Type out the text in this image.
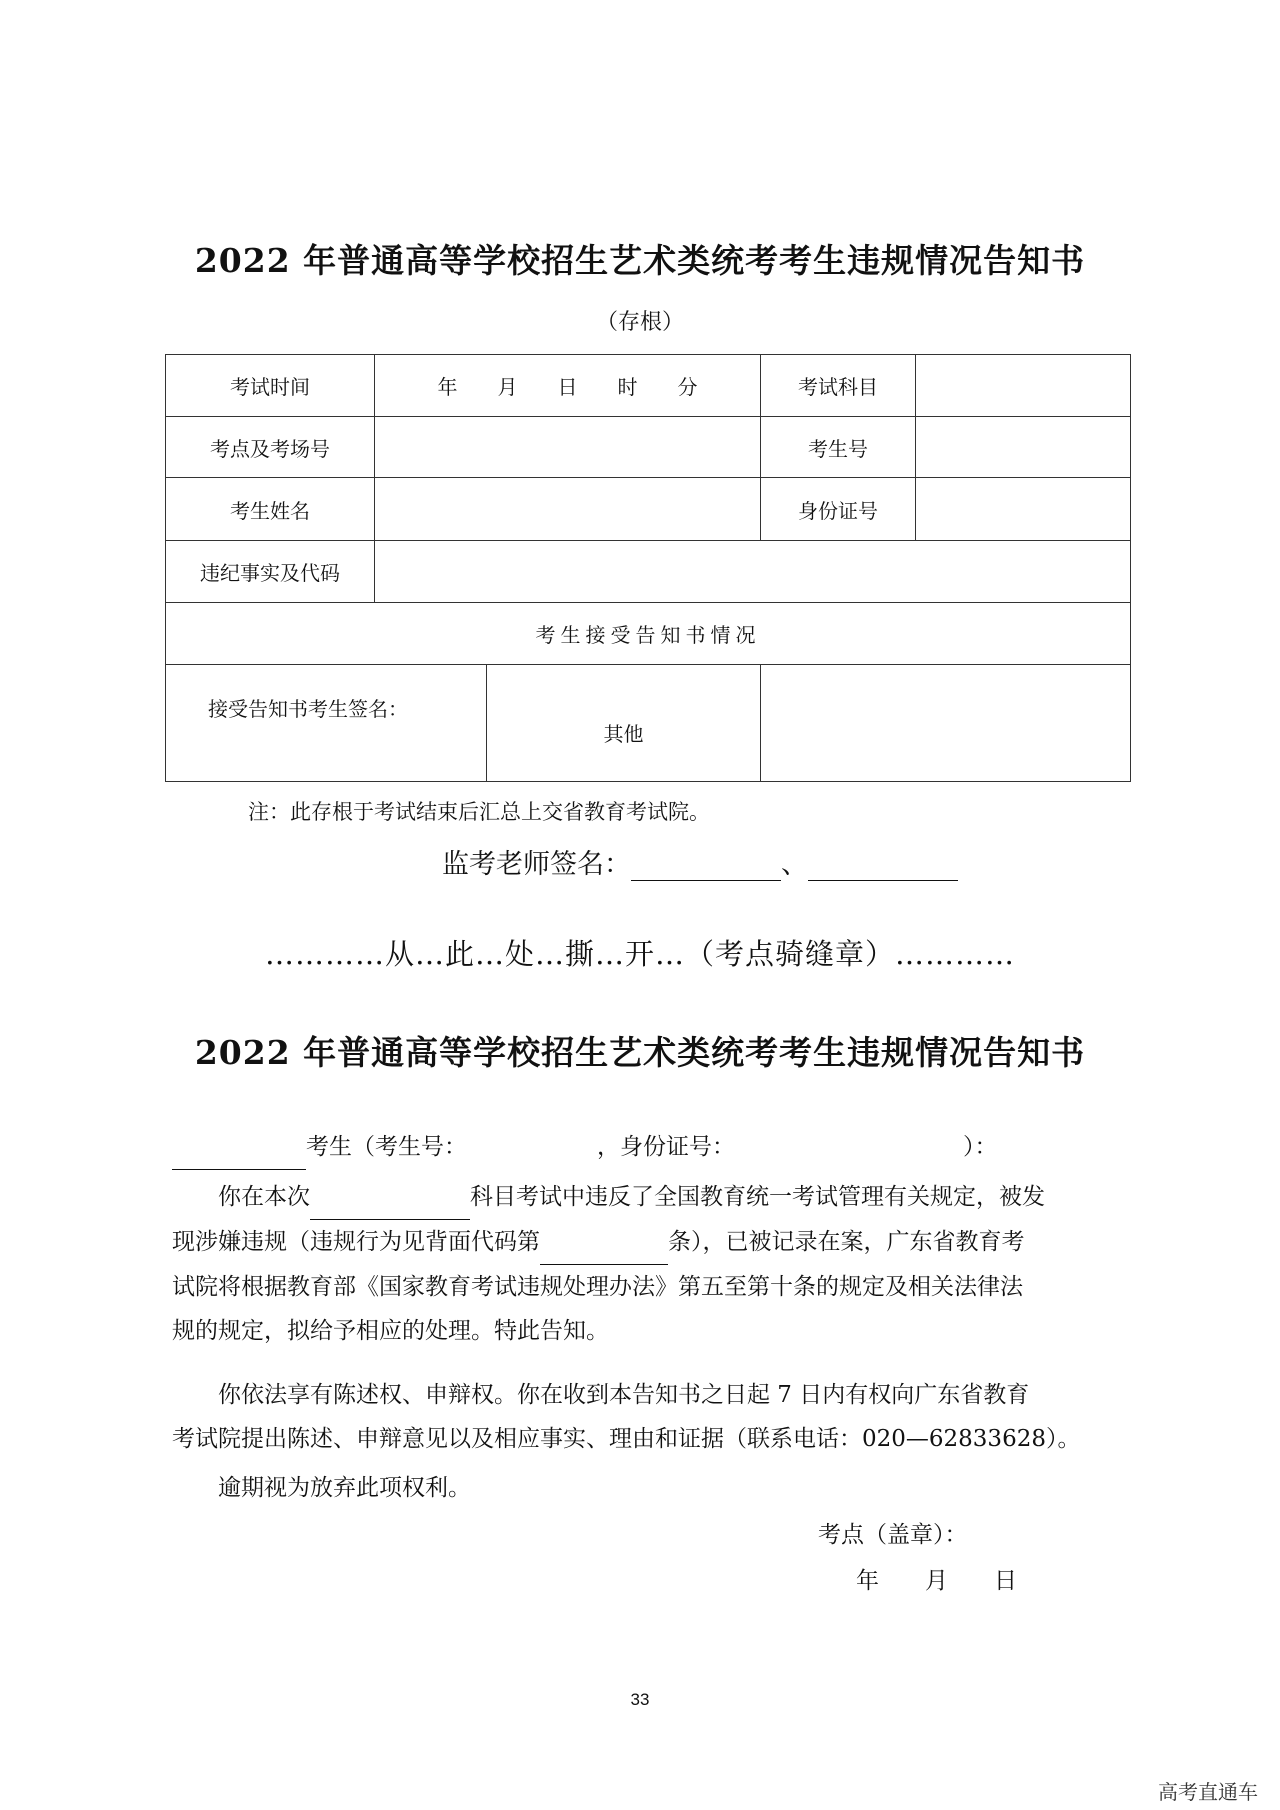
2022 年普通高等学校招生艺术类统考考生违规情况告知书
（存根）
考试时间	年　　月　　日　　时　　分		考试科目	
考点及考场号			考生号	
考生姓名			身份证号	
违纪事实及代码				
考生接受告知书情况				
接受告知书考生签名：		其他		
注：此存根于考试结束后汇总上交省教育考试院。
监考老师签名：	、
…………从…此…处…撕…开…（考点骑缝章）…………
2022 年普通高等学校招生艺术类统考考生违规情况告知书
考生（考生号：	，身份证号：	）：
你在本次	科目考试中违反了全国教育统一考试管理有关规定，被发
现涉嫌违规（违规行为见背面代码第	条），已被记录在案，广东省教育考
试院将根据教育部《国家教育考试违规处理办法》第五至第十条的规定及相关法律法
规的规定，拟给予相应的处理。特此告知。
你依法享有陈述权、申辩权。你在收到本告知书之日起 7 日内有权向广东省教育
考试院提出陈述、申辩意见以及相应事实、理由和证据（联系电话：020—62833628）。
逾期视为放弃此项权利。
考点（盖章）：
年　　月　　日
33
高考直通车
